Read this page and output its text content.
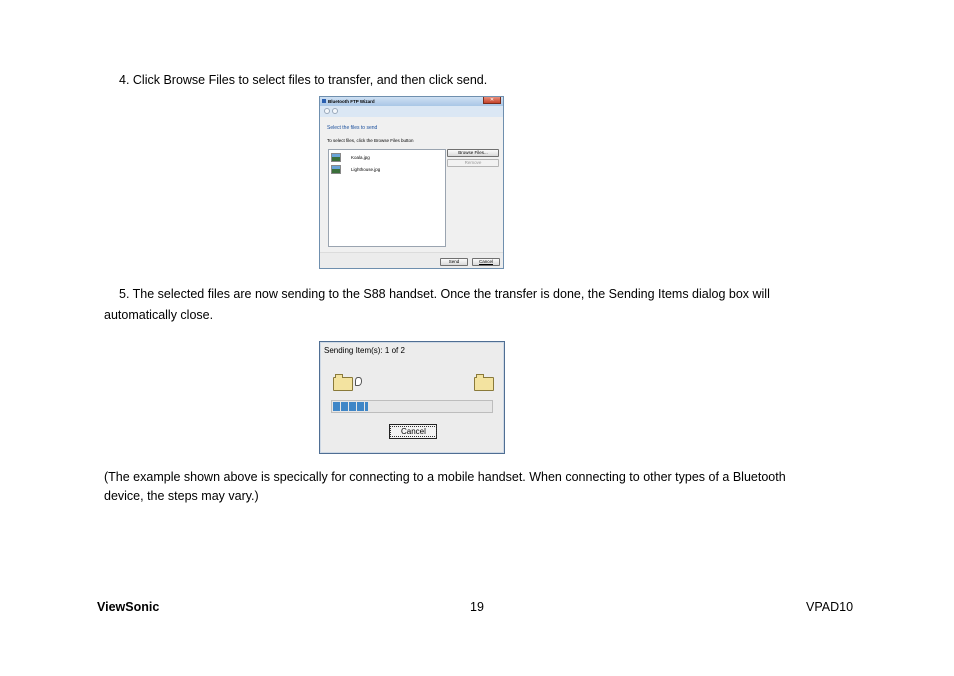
4. Click Browse Files to select files to transfer, and then click send.
Bluetooth FTP Wizard	✕
Select the files to send
To select files, click the Browse Files button
Koala.jpg
Lighthouse.jpg
Browse Files...
Remove
Send	Cancel
5. The selected files are now sending to the S88 handset. Once the transfer is done, the Sending Items dialog box will
automatically close.
Sending Item(s): 1 of 2
Cancel
(The example shown above is specically for connecting to a mobile handset. When connecting to other types of a Bluetooth
device, the steps may vary.)
ViewSonic	19	VPAD10
